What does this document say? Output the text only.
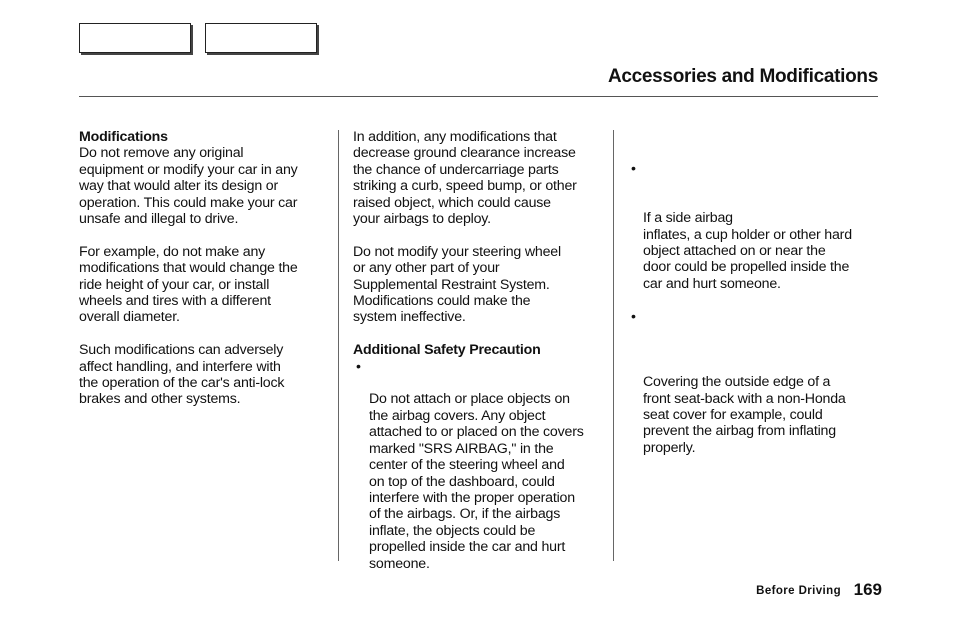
Accessories and Modifications
Modifications

Do not remove any original
equipment or modify your car in any
way that would alter its design or
operation. This could make your car
unsafe and illegal to drive.

For example, do not make any
modifications that would change the
ride height of your car, or install
wheels and tires with a different
overall diameter.

Such modifications can adversely
affect handling, and interfere with
the operation of the car's anti-lock
brakes and other systems.

In addition, any modifications that
decrease ground clearance increase
the chance of undercarriage parts
striking a curb, speed bump, or other
raised object, which could cause
your airbags to deploy.

Do not modify your steering wheel
or any other part of your
Supplemental Restraint System.
Modifications could make the
system ineffective.

Additional Safety Precaution

•

Do not attach or place objects on
the airbag covers. Any object
attached to or placed on the covers
marked "SRS AIRBAG," in the
center of the steering wheel and
on top of the dashboard, could
interfere with the proper operation
of the airbags. Or, if the airbags
inflate, the objects could be
propelled inside the car and hurt
someone.

•

If a side airbag
inflates, a cup holder or other hard
object attached on or near the
door could be propelled inside the
car and hurt someone.

•

Covering the outside edge of a
front seat-back with a non-Honda
seat cover for example, could
prevent the airbag from inflating
properly.

Before Driving 169
